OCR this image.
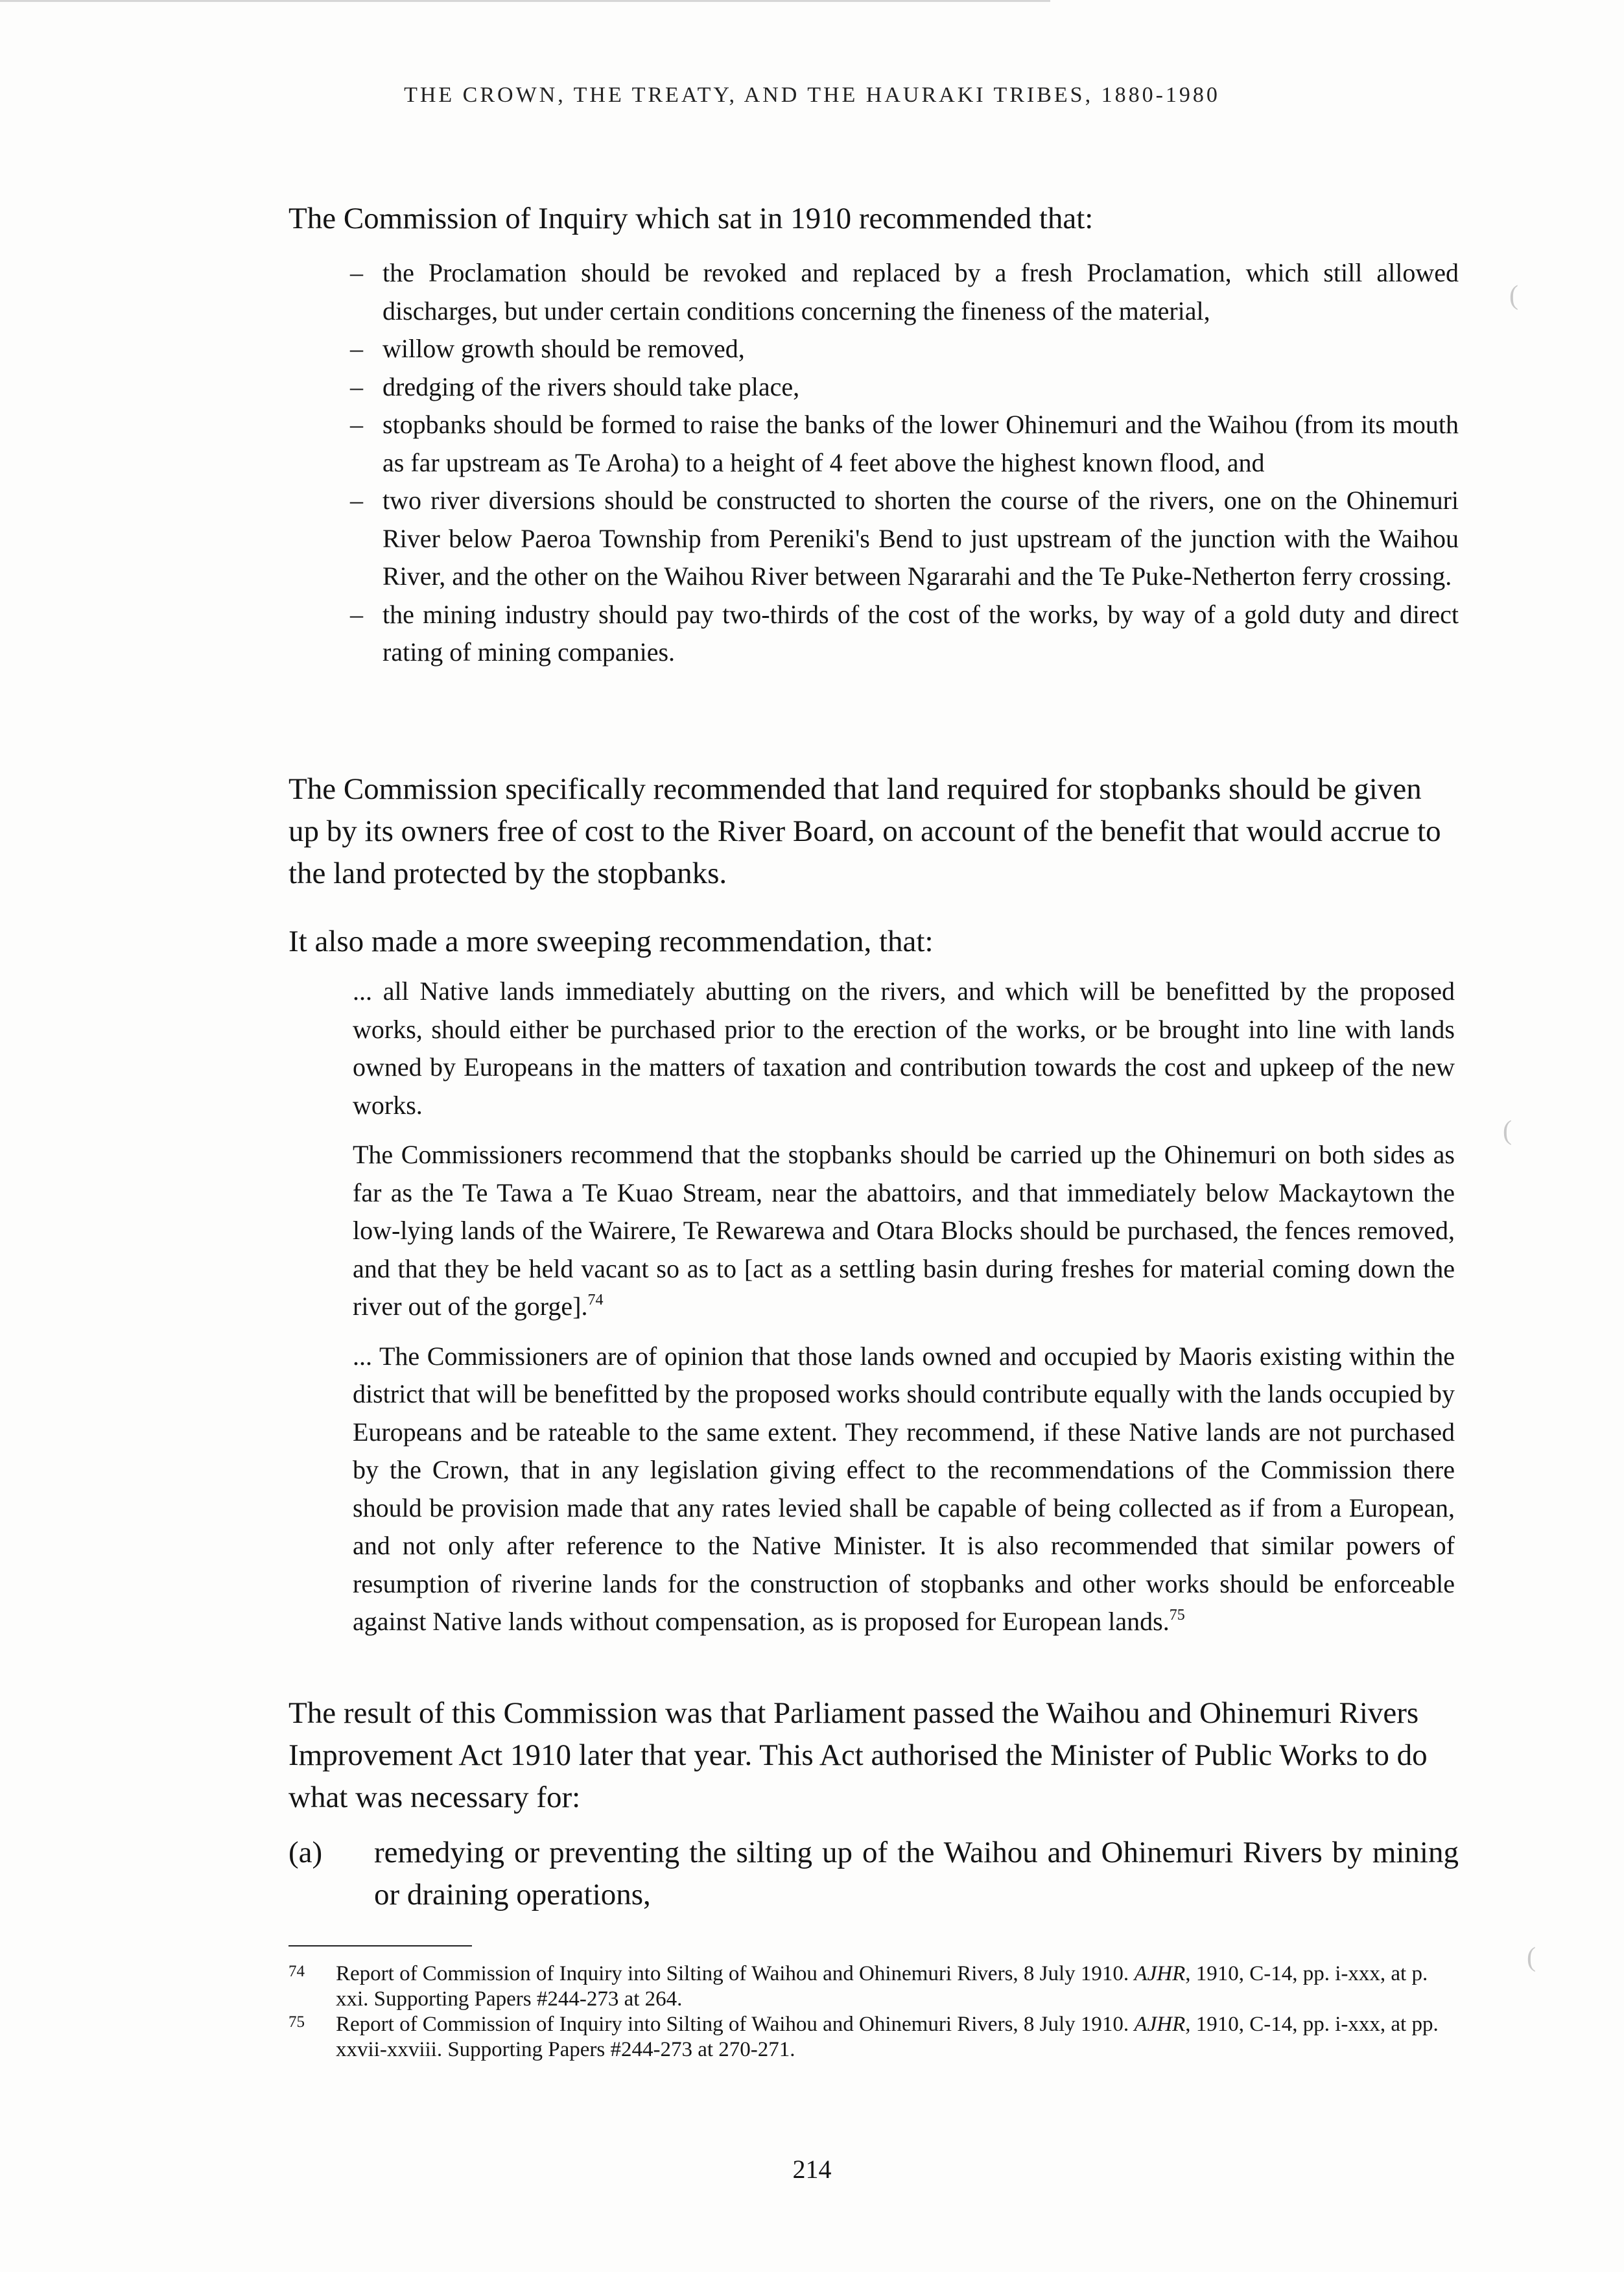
THE CROWN, THE TREATY, AND THE HAURAKI TRIBES, 1880-1980

The Commission of Inquiry which sat in 1910 recommended that:

– the Proclamation should be revoked and replaced by a fresh Proclamation, which still allowed discharges, but under certain conditions concerning the fineness of the material,
– willow growth should be removed,
– dredging of the rivers should take place,
– stopbanks should be formed to raise the banks of the lower Ohinemuri and the Waihou (from its mouth as far upstream as Te Aroha) to a height of 4 feet above the highest known flood, and
– two river diversions should be constructed to shorten the course of the rivers, one on the Ohinemuri River below Paeroa Township from Pereniki's Bend to just upstream of the junction with the Waihou River, and the other on the Waihou River between Ngararahi and the Te Puke-Netherton ferry crossing.
– the mining industry should pay two-thirds of the cost of the works, by way of a gold duty and direct rating of mining companies.

The Commission specifically recommended that land required for stopbanks should be given up by its owners free of cost to the River Board, on account of the benefit that would accrue to the land protected by the stopbanks.

It also made a more sweeping recommendation, that:

... all Native lands immediately abutting on the rivers, and which will be benefitted by the proposed works, should either be purchased prior to the erection of the works, or be brought into line with lands owned by Europeans in the matters of taxation and contribution towards the cost and upkeep of the new works.

The Commissioners recommend that the stopbanks should be carried up the Ohinemuri on both sides as far as the Te Tawa a Te Kuao Stream, near the abattoirs, and that immediately below Mackaytown the low-lying lands of the Wairere, Te Rewarewa and Otara Blocks should be purchased, the fences removed, and that they be held vacant so as to [act as a settling basin during freshes for material coming down the river out of the gorge].$^{74}$

... The Commissioners are of opinion that those lands owned and occupied by Maoris existing within the district that will be benefitted by the proposed works should contribute equally with the lands occupied by Europeans and be rateable to the same extent. They recommend, if these Native lands are not purchased by the Crown, that in any legislation giving effect to the recommendations of the Commission there should be provision made that any rates levied shall be capable of being collected as if from a European, and not only after reference to the Native Minister. It is also recommended that similar powers of resumption of riverine lands for the construction of stopbanks and other works should be enforceable against Native lands without compensation, as is proposed for European lands.$^{75}$

The result of this Commission was that Parliament passed the Waihou and Ohinemuri Rivers Improvement Act 1910 later that year. This Act authorised the Minister of Public Works to do what was necessary for:

(a) remedying or preventing the silting up of the Waihou and Ohinemuri Rivers by mining or draining operations,
74 Report of Commission of Inquiry into Silting of Waihou and Ohinemuri Rivers, 8 July 1910. AJHR, 1910, C-14, pp. i-xxx, at p. xxi. Supporting Papers #244-273 at 264.
75 Report of Commission of Inquiry into Silting of Waihou and Ohinemuri Rivers, 8 July 1910. AJHR, 1910, C-14, pp. i-xxx, at pp. xxvii-xxviii. Supporting Papers #244-273 at 270-271.
214
(
(
(
